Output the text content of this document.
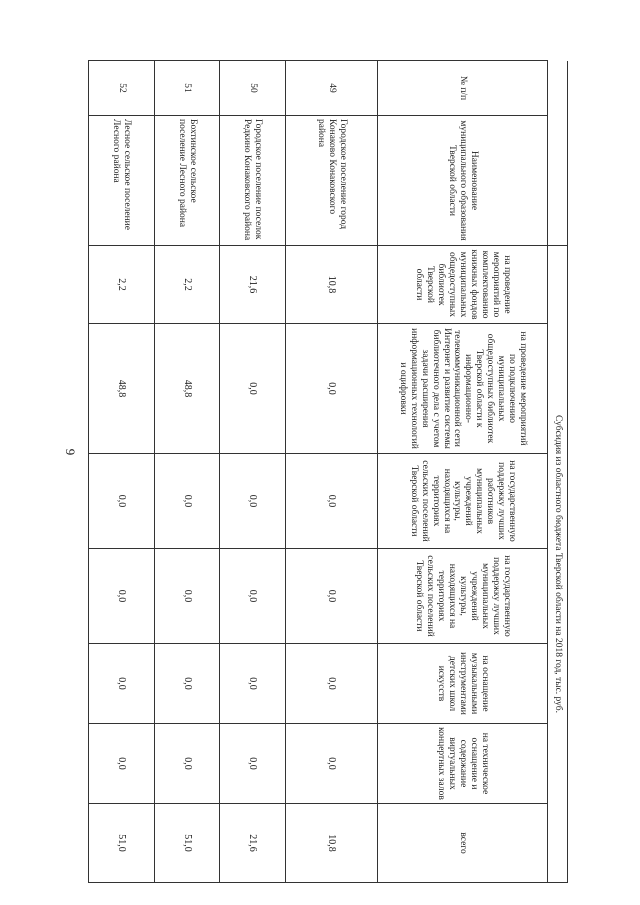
9
		Субсидия из областного бюджета Тверской области на 2018 год, тыс. руб.						
№ п/п	Наименование муниципального образования Тверской области	на проведение мероприятий по комплектованию книжных фондов муниципальных общедоступных библиотек Тверской области	на проведение мероприятий по подключению муниципальных общедоступных библиотек Тверской области к информационно-телекоммуникационной сети Интернет и развитие системы библиотечного дела с учетом задачи расширения информационных технологий и оцифровки	на государственную поддержку лучших работников муниципальных учреждений культуры, находящихся на территориях сельских поселений Тверской области	на государственную поддержку лучших муниципальных учреждений культуры, находящихся на территориях сельских поселений Тверской области	на оснащение музыкальными инструментами детских школ искусств	на техническое оснащение и содержание виртуальных концертных залов	всего
49	Городское поселение город Конаково Конаковского района	10,8	0,0	0,0	0,0	0,0	0,0	10,8
50	Городское поселение поселок Редкино Конаковского района	21,6	0,0	0,0	0,0	0,0	0,0	21,6
51	Бохтинское сельское поселение Лесного района	2,2	48,8	0,0	0,0	0,0	0,0	51,0
52	Лесное сельское поселение Лесного района	2,2	48,8	0,0	0,0	0,0	0,0	51,0
